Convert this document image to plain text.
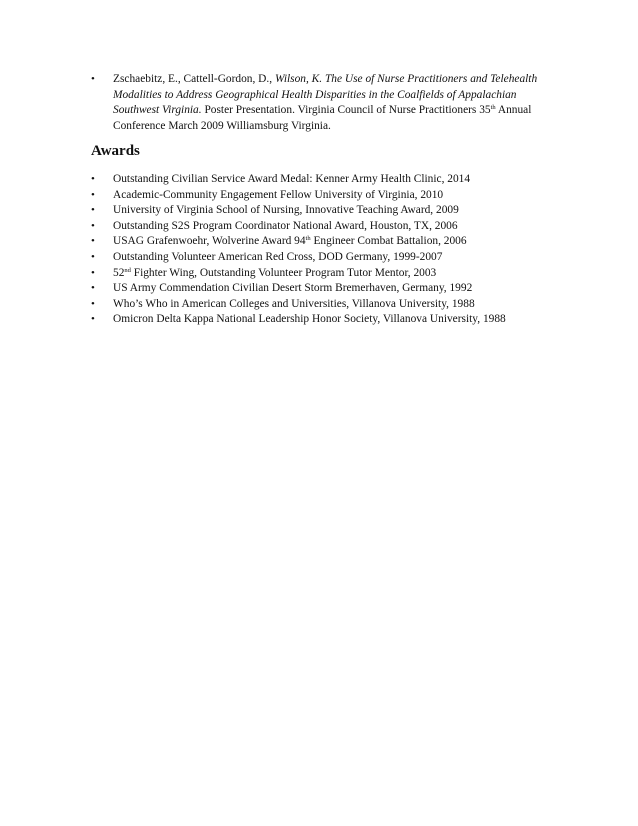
•	Zschaebitz, E., Cattell-Gordon, D., Wilson, K. The Use of Nurse Practitioners and Telehealth Modalities to Address Geographical Health Disparities in the Coalfields of Appalachian Southwest Virginia. Poster Presentation. Virginia Council of Nurse Practitioners 35th Annual Conference March 2009 Williamsburg Virginia.
Awards
•	Outstanding Civilian Service Award Medal: Kenner Army Health Clinic, 2014
•	Academic-Community Engagement Fellow University of Virginia, 2010
•	University of Virginia School of Nursing, Innovative Teaching Award, 2009
•	Outstanding S2S Program Coordinator National Award, Houston, TX, 2006
•	USAG Grafenwoehr, Wolverine Award 94th Engineer Combat Battalion, 2006
•	Outstanding Volunteer American Red Cross, DOD Germany, 1999-2007
•	52nd Fighter Wing, Outstanding Volunteer Program Tutor Mentor, 2003
•	US Army Commendation Civilian Desert Storm Bremerhaven, Germany, 1992
•	Who’s Who in American Colleges and Universities, Villanova University, 1988
•	Omicron Delta Kappa National Leadership Honor Society, Villanova University, 1988
